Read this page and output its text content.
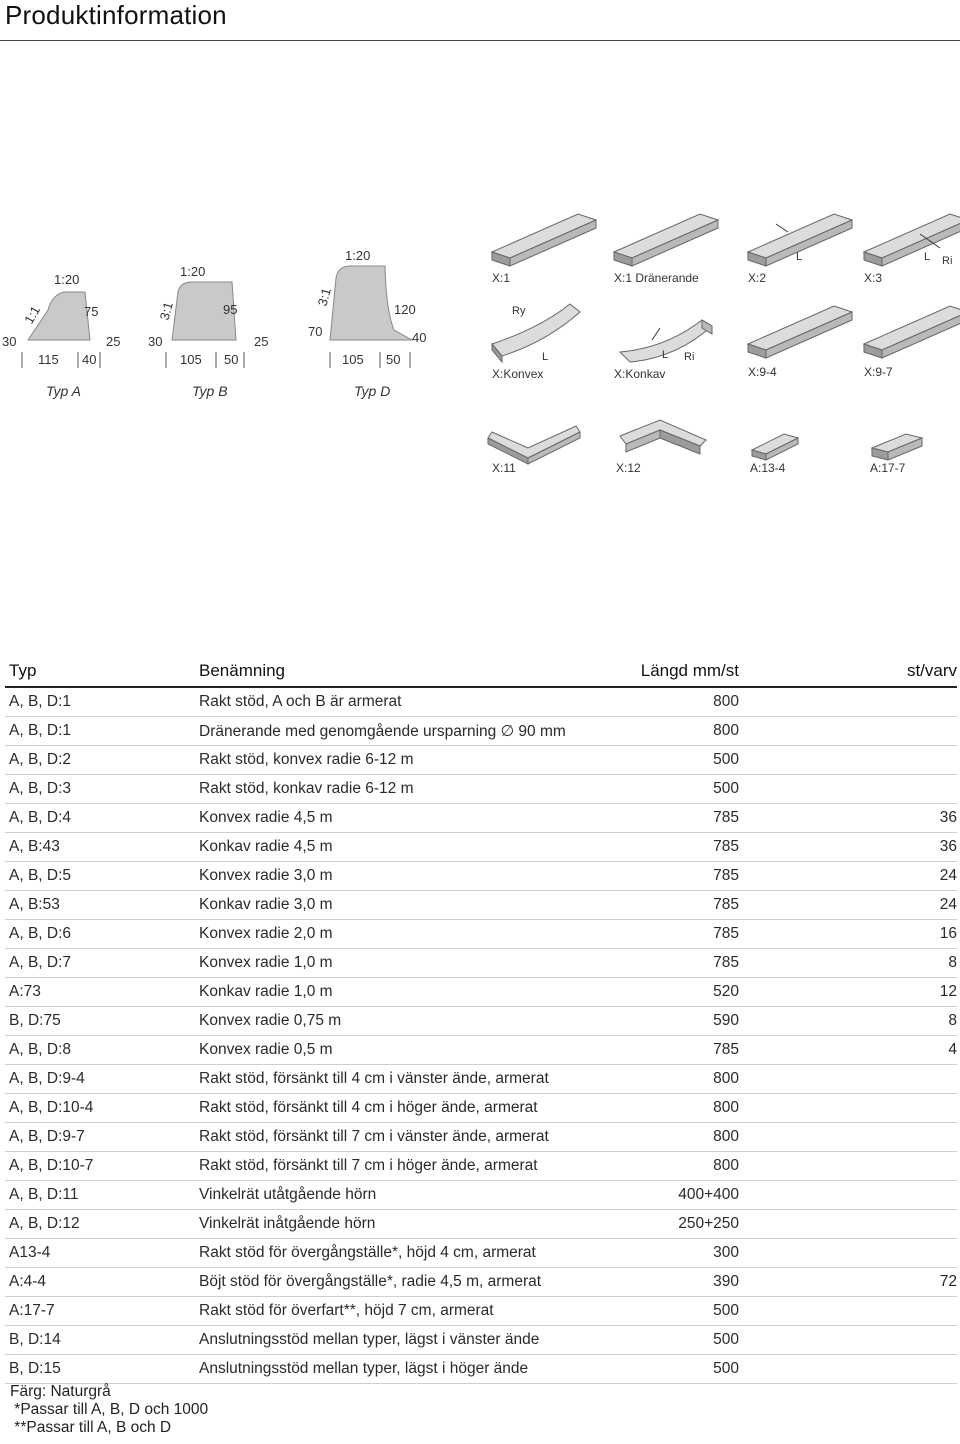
Produktinformation
1:20
1:1	75
30	25
115 40
Typ A
1:20
3:1	95
30	25
105 50
Typ B
1:20
3:1
120
70	40
105 50
Typ D
X:1	X:1 Dränerande
L
X:2
L Ri
X:3
Ry
L
X:Konvex
L Ri
X:Konkav	X:9-4	X:9-7
X:11	X:12	A:13-4	A:17-7
Typ	Benämning	Längd mm/st	st/varv
A, B, D:1	Rakt stöd, A och B är armerat	800
A, B, D:1	Dränerande med genomgående ursparning ∅ 90 mm	800
A, B, D:2	Rakt stöd, konvex radie 6-12 m	500
A, B, D:3	Rakt stöd, konkav radie 6-12 m	500
A, B, D:4	Konvex radie 4,5 m	785	36
A, B:43	Konkav radie 4,5 m	785	36
A, B, D:5	Konvex radie 3,0 m	785	24
A, B:53	Konkav radie 3,0 m	785	24
A, B, D:6	Konvex radie 2,0 m	785	16
A, B, D:7	Konvex radie 1,0 m	785	8
A:73	Konkav radie 1,0 m	520	12
B, D:75	Konvex radie 0,75 m	590	8
A, B, D:8	Konvex radie 0,5 m	785	4
A, B, D:9-4	Rakt stöd, försänkt till 4 cm i vänster ände, armerat	800
A, B, D:10-4	Rakt stöd, försänkt till 4 cm i höger ände, armerat	800
A, B, D:9-7	Rakt stöd, försänkt till 7 cm i vänster ände, armerat	800
A, B, D:10-7	Rakt stöd, försänkt till 7 cm i höger ände, armerat	800
A, B, D:11	Vinkelrät utåtgående hörn	400+400
A, B, D:12	Vinkelrät inåtgående hörn	250+250
A13-4	Rakt stöd för övergångställe*, höjd 4 cm, armerat	300
A:4-4	Böjt stöd för övergångställe*, radie 4,5 m, armerat	390	72
A:17-7	Rakt stöd för överfart**, höjd 7 cm, armerat	500
B, D:14	Anslutningsstöd mellan typer, lägst i vänster ände	500
B, D:15	Anslutningsstöd mellan typer, lägst i höger ände	500
Färg: Naturgrå
*Passar till A, B, D och 1000
**Passar till A, B och D
